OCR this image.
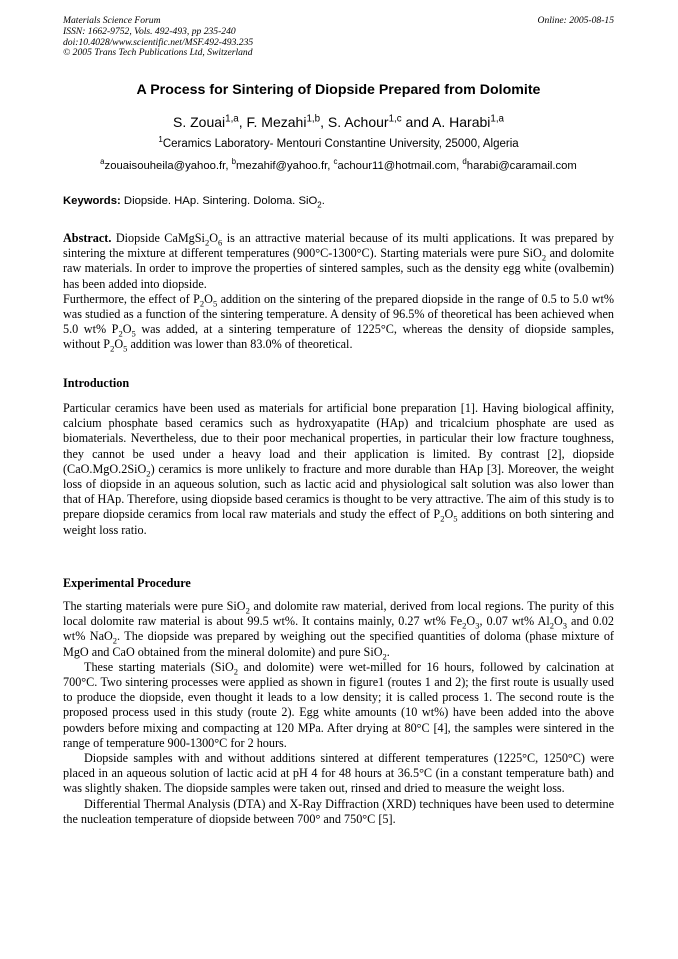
Materials Science Forum
ISSN: 1662-9752, Vols. 492-493, pp 235-240
doi:10.4028/www.scientific.net/MSF.492-493.235
© 2005 Trans Tech Publications Ltd, Switzerland
Online: 2005-08-15
A Process for Sintering of Diopside Prepared from Dolomite
S. Zouai$^{1,a}$, F. Mezahi$^{1,b}$, S. Achour$^{1,c}$ and A. Harabi$^{1,a}$
$^1$Ceramics Laboratory- Mentouri Constantine University, 25000, Algeria
$^a$zouaisouheila@yahoo.fr, $^b$mezahif@yahoo.fr, $^c$achour11@hotmail.com, $^d$harabi@caramail.com
Keywords: Diopside. HAp. Sintering. Doloma. SiO$_2$.

Abstract. Diopside $CaMgSi_2O_6$ is an attractive material because of its multi applications. It was prepared by sintering the mixture at different temperatures (900°C-1300°C). Starting materials were pure SiO$_2$ and dolomite raw materials. In order to improve the properties of sintered samples, such as the density egg white (ovalbemin) has been added into diopside.

Furthermore, the effect of $P_2O_5$ addition on the sintering of the prepared diopside in the range of 0.5 to 5.0 wt% was studied as a function of the sintering temperature. A density of 96.5% of theoretical has been achieved when 5.0 wt% $P_2O_5$ was added, at a sintering temperature of 1225°C, whereas the density of diopside samples, without $P_2O_5$ addition was lower than 83.0% of theoretical.

Introduction

Particular ceramics have been used as materials for artificial bone preparation [1]. Having biological affinity, calcium phosphate based ceramics such as hydroxyapatite (HAp) and tricalcium phosphate are used as biomaterials. Nevertheless, due to their poor mechanical properties, in particular their low fracture toughness, they cannot be used under a heavy load and their application is limited. By contrast [2], diopside (CaO.MgO.2SiO$_2$) ceramics is more unlikely to fracture and more durable than HAp [3]. Moreover, the weight loss of diopside in an aqueous solution, such as lactic acid and physiological salt solution was also lower than that of HAp. Therefore, using diopside based ceramics is thought to be very attractive. The aim of this study is to prepare diopside ceramics from local raw materials and study the effect of $P_2O_5$ additions on both sintering and weight loss ratio.

Experimental Procedure

The starting materials were pure SiO$_2$ and dolomite raw material, derived from local regions. The purity of this local dolomite raw material is about 99.5 wt%. It contains mainly, 0.27 wt% $Fe_2O_3$, 0.07 wt% $Al_2O_3$ and 0.02 wt% NaO$_2$. The diopside was prepared by weighing out the specified quantities of doloma (phase mixture of MgO and CaO obtained from the mineral dolomite) and pure SiO$_2$.

These starting materials (SiO$_2$ and dolomite) were wet-milled for 16 hours, followed by calcination at 700°C. Two sintering processes were applied as shown in figure1 (routes 1 and 2); the first route is usually used to produce the diopside, even thought it leads to a low density; it is called process 1. The second route is the proposed process used in this study (route 2). Egg white amounts (10 wt%) have been added into the above powders before mixing and compacting at 120 MPa. After drying at 80°C [4], the samples were sintered in the range of temperature 900-1300°C for 2 hours.

Diopside samples with and without additions sintered at different temperatures (1225°C, 1250°C) were placed in an aqueous solution of lactic acid at pH 4 for 48 hours at 36.5°C (in a constant temperature bath) and was slightly shaken. The diopside samples were taken out, rinsed and dried to measure the weight loss.

Differential Thermal Analysis (DTA) and X-Ray Diffraction (XRD) techniques have been used to determine the nucleation temperature of diopside between 700° and 750°C [5].
